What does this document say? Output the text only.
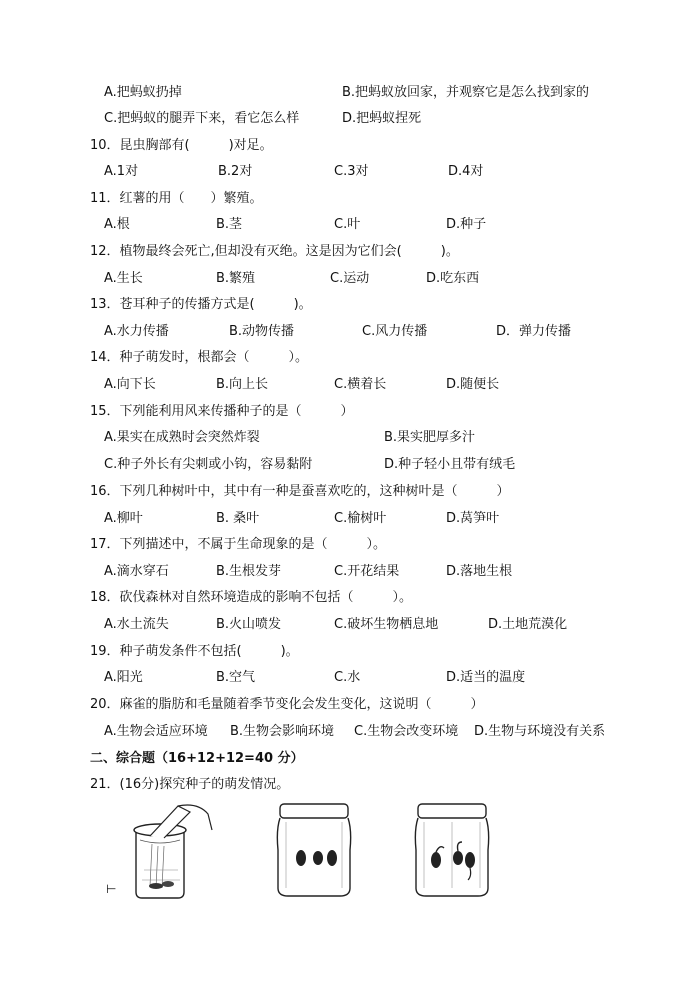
A.把蚂蚁扔掉	B.把蚂蚁放回家，并观察它是怎么找到家的
C.把蚂蚁的腿弄下来，看它怎么样	D.把蚂蚁捏死
10．昆虫胸部有(　　　)对足。
A.1对	B.2对	C.3对	D.4对
11．红薯的用（　　）繁殖。
A.根	B.茎	C.叶	D.种子
12．植物最终会死亡,但却没有灭绝。这是因为它们会(　　　)。
A.生长	B.繁殖	C.运动	D.吃东西
13．苍耳种子的传播方式是(　　　)。
A.水力传播	B.动物传播	C.风力传播	D．弹力传播
14．种子萌发时，根都会（　　　）。
A.向下长	B.向上长	C.横着长	D.随便长
15．下列能利用风来传播种子的是（　　　）
A.果实在成熟时会突然炸裂	B.果实肥厚多汁
C.种子外长有尖刺或小钩，容易黏附	D.种子轻小且带有绒毛
16．下列几种树叶中，其中有一种是蚕喜欢吃的，这种树叶是（　　　）
A.柳叶	B. 桑叶	C.榆树叶	D.莴笋叶
17．下列描述中，不属于生命现象的是（　　　）。
A.滴水穿石	B.生根发芽	C.开花结果	D.落地生根
18．砍伐森林对自然环境造成的影响不包括（　　　）。
A.水土流失	B.火山喷发	C.破坏生物栖息地	D.土地荒漠化
19．种子萌发条件不包括(　　　)。
A.阳光	B.空气	C.水	D.适当的温度
20．麻雀的脂肪和毛量随着季节变化会发生变化，这说明（　　　）
A.生物会适应环境 B.生物会影响环境 C.生物会改变环境 D.生物与环境没有关系
二、综合题（16+12+12=40 分）
21．(16分)探究种子的萌发情况。
⊢
